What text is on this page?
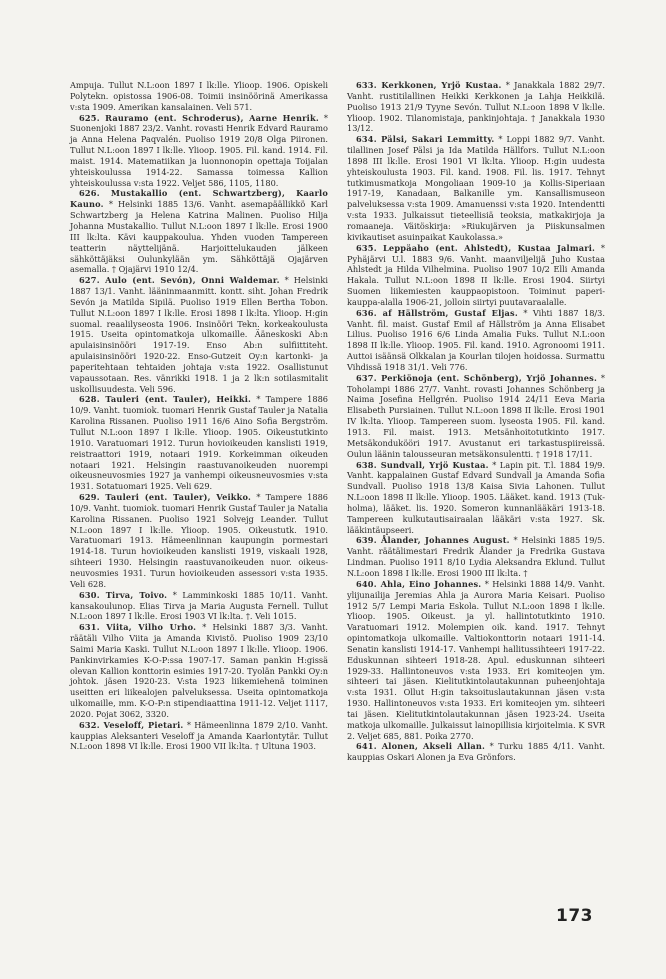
Ampuja. Tullut N.L:oon 1897 I lk:lle. Ylioop. 1906. Opiskeli Polytekn. opistossa 1906-08. Toimii insinöörinä Amerikassa v:sta 1909. Amerikan kansalainen. Veli 571.

625. Rauramo (ent. Schroderus), Aarne Henrik. * Suonenjoki 1887 23/2. Vanht. rovasti Henrik Edvard Rauramo ja Anna Helena Paqvalén. Puoliso 1919 20/8 Olga Piironen. Tullut N.L:oon 1897 I lk:lle. Ylioop. 1905. Fil. kand. 1914. Fil. maist. 1914. Matematiikan ja luonnonopin opettaja Toijalan yhteiskoulussa 1914-22. Samassa toimessa Kallion yhteiskoulussa v:sta 1922. Veljet 586, 1105, 1180.

626. Mustakallio (ent. Schwartzberg), Kaarlo Kauno. * Helsinki 1885 13/6. Vanht. asemapäällikkö Karl Schwartzberg ja Helena Katrina Malinen. Puoliso Hilja Johanna Mustakallio. Tullut N.L:oon 1897 I lk:lle. Erosi 1900 III lk:lta. Kävi kauppakoulua. Yhden vuoden Tampereen teatterin näyttelijänä. Harjoittelukauden jälkeen sähköttäjäksi Oulunkylään ym. Sähköttäjä Ojajärven asemalla. † Ojajärvi 1910 12/4.

627. Aulo (ent. Sevón), Onni Waldemar. * Helsinki 1887 13/1. Vanht. lääninmaanmitt. kontt. siht. Johan Fredrik Sevón ja Matilda Sipilä. Puoliso 1919 Ellen Bertha Tobon. Tullut N.L:oon 1897 I lk:lle. Erosi 1898 I lk:lta. Ylioop. H:gin suomal. reaalilyseosta 1906. Insinööri Tekn. korkeakoulusta 1915. Useita opintomatkoja ulkomaille. Ääneskoski Ab:n apulaisinsinööri 1917-19. Enso Ab:n sulfiittiteht. apulaisinsinööri 1920-22. Enso-Gutzeit Oy:n kartonki- ja paperitehtaan tehtaiden johtaja v:sta 1922. Osallistunut vapaussotaan. Res. vänrikki 1918. 1 ja 2 lk:n sotilasmitalit uskollisuudesta. Veli 596.

628. Tauleri (ent. Tauler), Heikki. * Tampere 1886 10/9. Vanht. tuomiok. tuomari Henrik Gustaf Tauler ja Natalia Karolina Rissanen. Puoliso 1911 16/6 Aino Sofia Bergström. Tullut N.L:oon 1897 I lk:lle. Ylioop. 1905. Oikeustutkinto 1910. Varatuomari 1912. Turun hovioikeuden kanslisti 1919, reistraattori 1919, notaari 1919. Korkeimman oikeuden notaari 1921. Helsingin raastuvanoikeuden nuorempi oikeusneuvosmies 1927 ja vanhempi oikeusneuvosmies v:sta 1931. Sotatuomari 1925. Veli 629.

629. Tauleri (ent. Tauler), Veikko. * Tampere 1886 10/9. Vanht. tuomiok. tuomari Henrik Gustaf Tauler ja Natalia Karolina Rissanen. Puoliso 1921 Solvejg Leander. Tullut N.L:oon 1897 I lk:lle. Ylioop. 1905. Oikeustutk. 1910. Varatuomari 1913. Hämeenlinnan kaupungin pormestari 1914-18. Turun hovioikeuden kanslisti 1919, viskaali 1928, sihteeri 1930. Helsingin raastuvanoikeuden nuor. oikeusneuvosmies 1931. Turun hovioikeuden assessori v:sta 1935. Veli 628.

630. Tirva, Toivo. * Lamminkoski 1885 10/11. Vanht. kansakoulunop. Elias Tirva ja Maria Augusta Fernell. Tullut N.L:oon 1897 I lk:lle. Erosi 1903 VI lk:lta. †. Veli 1015.

631. Viita, Vilho Urho. * Helsinki 1887 3/3. Vanht. räätäli Vilho Viita ja Amanda Kivistö. Puoliso 1909 23/10 Saimi Maria Kaski. Tullut N.L:oon 1897 I lk:lle. Ylioop. 1906. Pankinvirkamies K-O-P:ssa 1907-17. Saman pankin H:gissä olevan Kallion konttorin esimies 1917-20. Tyolän Pankki Oy:n johtok. jäsen 1920-23. V:sta 1923 liikemiehenä toiminen useitten eri liikealojen palveluksessa. Useita opintomatkoja ulkomaille, mm. K-O-P:n stipendiaattina 1911-12. Veljet 1117, 2020. Pojat 3062, 3320.

632. Veseloff, Pietari. * Hämeenlinna 1879 2/10. Vanht. kauppias Aleksanteri Veseloff ja Amanda Kaarlontytär. Tullut N.L:oon 1898 VI lk:lle. Erosi 1900 VII lk:lta. † Ultuna 1903.

633. Kerkkonen, Yrjö Kustaa. * Janakkala 1882 29/7. Vanht. rustitilallinen Heikki Kerkkonen ja Lahja Heikkilä. Puoliso 1913 21/9 Tyyne Sevón. Tullut N.L:oon 1898 V lk:lle. Ylioop. 1902. Tilanomistaja, pankinjohtaja. † Janakkala 1930 13/12.

634. Pälsi, Sakari Lemmitty. * Loppi 1882 9/7. Vanht. tilallinen Josef Pälsi ja Ida Matilda Hällfors. Tullut N.L:oon 1898 III lk:lle. Erosi 1901 VI lk:lta. Ylioop. H:gin uudesta yhteiskoulusta 1903. Fil. kand. 1908. Fil. lis. 1917. Tehnyt tutkimusmatkoja Mongoliaan 1909-10 ja Kollis-Siperiaan 1917-19, Kanadaan, Balkanille ym. Kansallismuseon palveluksessa v:sta 1909. Amanuenssi v:sta 1920. Intendentti v:sta 1933. Julkaissut tieteellisiä teoksia, matkakirjoja ja romaaneja. Väitöskirja: »Riukujärven ja Piiskunsalmen kivikautiset asuinpaikat Kaukolassa.»

635. Leppäaho (ent. Ahlstedt), Kustaa Jalmari. * Pyhäjärvi U.l. 1883 9/6. Vanht. maanviljelijä Juho Kustaa Ahlstedt ja Hilda Vilhelmina. Puoliso 1907 10/2 Elli Amanda Hakala. Tullut N.L:oon 1898 II lk:lle. Erosi 1904. Siirtyi Suomen liikemiesten kauppaopistoon. Toiminut paperikauppa-alalla 1906-21, jolloin siirtyi puutavaraalalle.

636. af Hällström, Gustaf Eljas. * Vihti 1887 18/3. Vanht. fil. maist. Gustaf Emil af Hällström ja Anna Elisabet Lilius. Puoliso 1916 6/6 Linda Amalia Fuks. Tullut N.L:oon 1898 II lk:lle. Ylioop. 1905. Fil. kand. 1910. Agronoomi 1911. Auttoi isäänsä Olkkalan ja Kourlan tilojen hoidossa. Surmattu Vihdissä 1918 31/1. Veli 776.

637. Perkiönoja (ent. Schönberg), Yrjö Johannes. * Toholampi 1886 27/7. Vanht. rovasti Johannes Schönberg ja Naima Josefina Hellgrén. Puoliso 1914 24/11 Eeva Maria Elisabeth Pursiainen. Tullut N.L:oon 1898 II lk:lle. Erosi 1901 IV lk:lta. Ylioop. Tampereen suom. lyseosta 1905. Fil. kand. 1913. Fil. maist. 1913. Metsänhoitotutkinto 1917. Metsäkondukööri 1917. Avustanut eri tarkastuspiireissä. Oulun läänin talousseuran metsäkonsulentti. † 1918 17/11.

638. Sundvall, Yrjö Kustaa. * Lapin pit. T.l. 1884 19/9. Vanht. kappalainen Gustaf Edvard Sundvall ja Amanda Sofia Sundvall. Puoliso 1918 13/8 Kaisa Sivia Lahonen. Tullut N.L:oon 1898 II lk:lle. Ylioop. 1905. Lääket. kand. 1913 (Tukholma), lääket. lis. 1920. Someron kunnanlääkäri 1913-18. Tampereen kulkutautisairaalan lääkäri v:sta 1927. Sk. lääkintäupseeri.

639. Ålander, Johannes August. * Helsinki 1885 19/5. Vanht. räätälimestari Fredrik Ålander ja Fredrika Gustava Lindman. Puoliso 1911 8/10 Lydia Aleksandra Eklund. Tullut N.L:oon 1898 I lk:lle. Erosi 1900 III lk:lta. †

640. Ahla, Eino Johannes. * Helsinki 1888 14/9. Vanht. ylijunailija Jeremias Ahla ja Aurora Maria Keisari. Puoliso 1912 5/7 Lempi Maria Eskola. Tullut N.L:oon 1898 I lk:lle. Ylioop. 1905. Oikeust. ja yl. hallintotutkinto 1910. Varatuomari 1912. Molempien oik. kand. 1917. Tehnyt opintomatkoja ulkomaille. Valtiokonttorin notaari 1911-14. Senatin kanslisti 1914-17. Vanhempi hallitussihteeri 1917-22. Eduskunnan sihteeri 1918-28. Apul. eduskunnan sihteeri 1929-33. Hallintoneuvos v:sta 1933. Eri komiteojen ym. sihteeri tai jäsen. Kielitutkintolautakunnan puheenjohtaja v:sta 1931. Ollut H:gin taksoituslautakunnan jäsen v:sta 1930. Hallintoneuvos v:sta 1933. Eri komiteojen ym. sihteeri tai jäsen. Kielitutkintolautakunnan jäsen 1923-24. Useita matkoja ulkomaille. Julkaissut lainopillisia kirjoitelmia. K SVR 2. Veljet 685, 881. Poika 2770.

641. Alonen, Akseli Allan. * Turku 1885 4/11. Vanht. kauppias Oskari Alonen ja Eva Grönfors.

173
